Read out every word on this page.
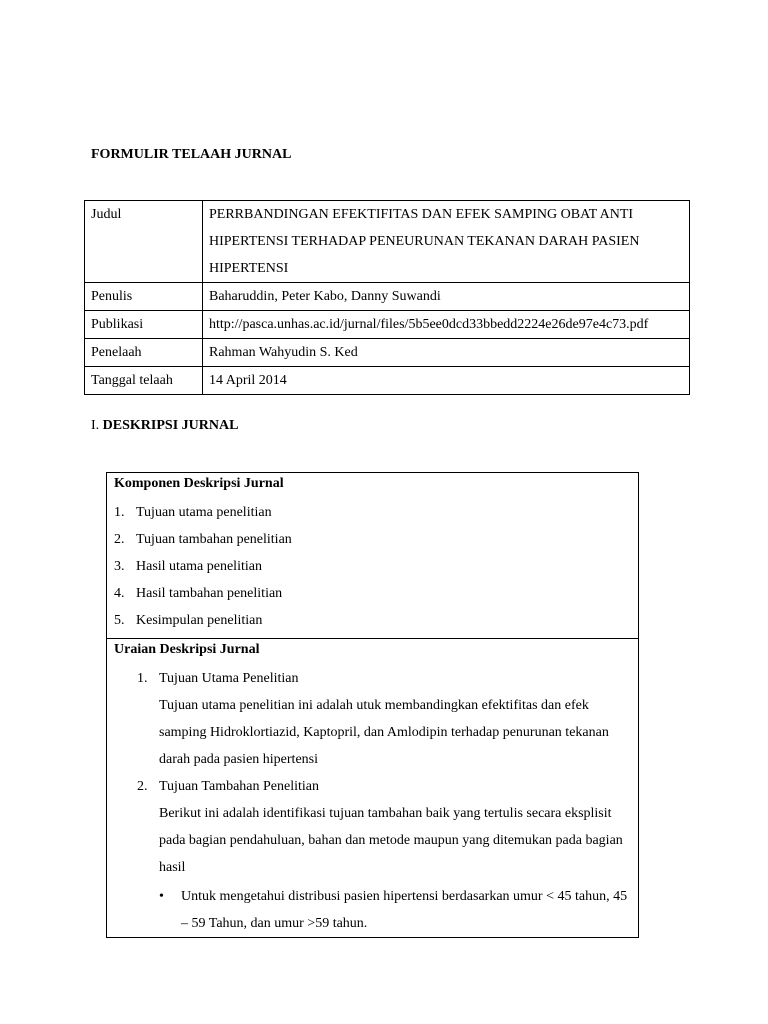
FORMULIR TELAAH JURNAL
Judul	PERRBANDINGAN EFEKTIFITAS DAN EFEK SAMPING OBAT ANTI HIPERTENSI TERHADAP PENEURUNAN TEKANAN DARAH PASIEN HIPERTENSI
Penulis	Baharuddin, Peter Kabo, Danny Suwandi
Publikasi	http://pasca.unhas.ac.id/jurnal/files/5b5ee0dcd33bbedd2224e26de97e4c73.pdf
Penelaah	Rahman Wahyudin S. Ked
Tanggal telaah	14 April 2014
I. DESKRIPSI JURNAL
Komponen Deskripsi Jurnal
1. Tujuan utama penelitian
2. Tujuan tambahan penelitian
3. Hasil utama penelitian
4. Hasil tambahan penelitian
5. Kesimpulan penelitian
Uraian Deskripsi Jurnal
1. Tujuan Utama Penelitian
Tujuan utama penelitian ini adalah utuk membandingkan efektifitas dan efek samping Hidroklortiazid, Kaptopril, dan Amlodipin terhadap penurunan tekanan darah pada pasien hipertensi
2. Tujuan Tambahan Penelitian
Berikut ini adalah identifikasi tujuan tambahan baik yang tertulis secara eksplisit pada bagian pendahuluan, bahan dan metode maupun yang ditemukan pada bagian hasil
•	Untuk mengetahui distribusi pasien hipertensi berdasarkan umur < 45 tahun, 45 – 59 Tahun, dan umur >59 tahun.
